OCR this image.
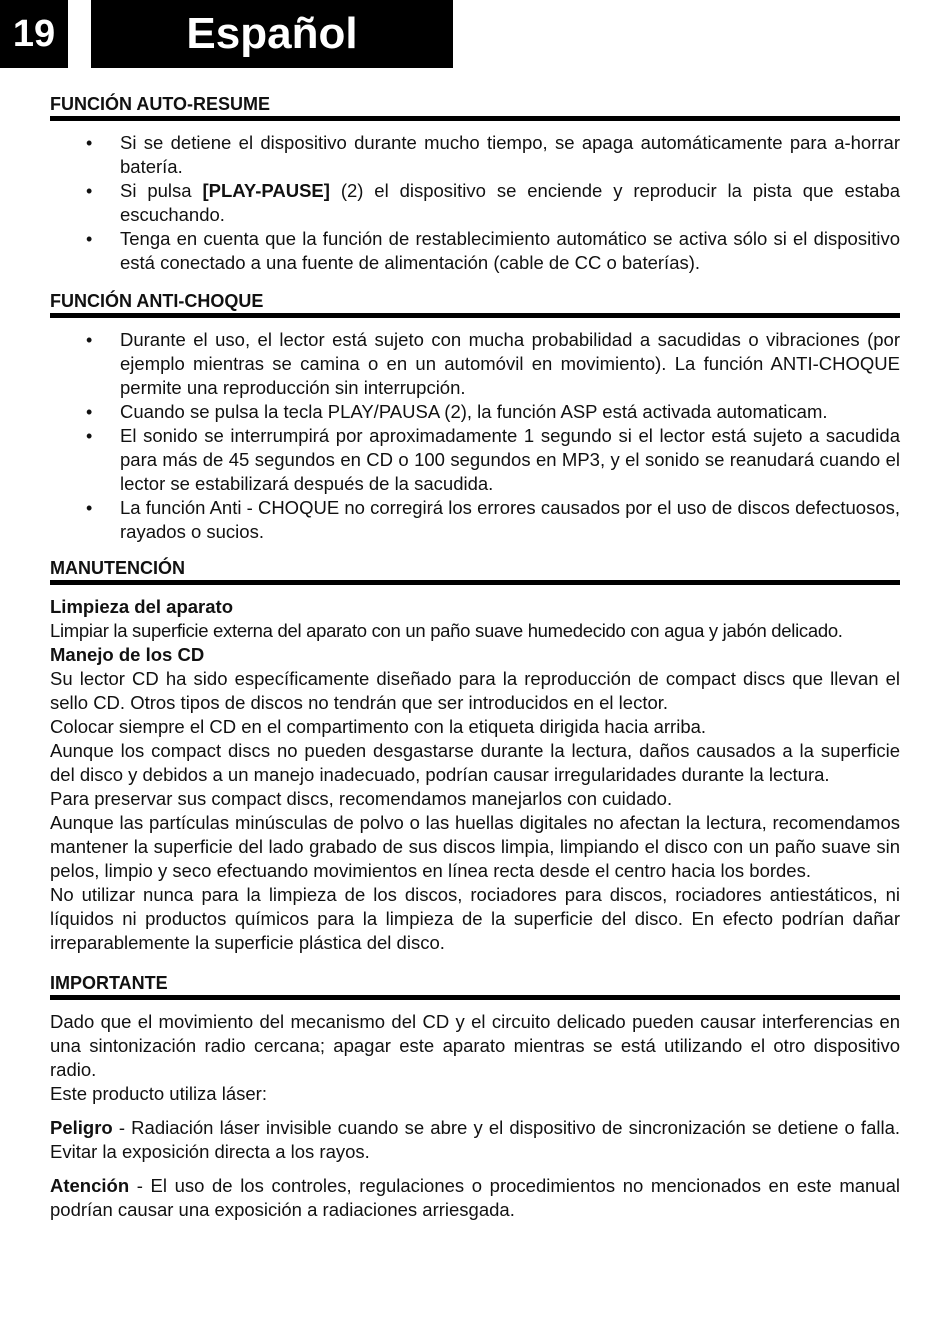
19	Español
FUNCIÓN AUTO-RESUME
• Si se detiene el dispositivo durante mucho tiempo, se apaga automáticamente para a-horrar batería.
• Si pulsa [PLAY-PAUSE] (2) el dispositivo se enciende y reproducir la pista que estaba escuchando.
• Tenga en cuenta que la función de restablecimiento automático se activa sólo si el dispositivo está conectado a una fuente de alimentación (cable de CC o baterías).
FUNCIÓN ANTI-CHOQUE
• Durante el uso, el lector está sujeto con mucha probabilidad a sacudidas o vibraciones (por ejemplo mientras se camina o en un automóvil en movimiento). La función ANTI-CHOQUE permite una reproducción sin interrupción.
• Cuando se pulsa la tecla PLAY/PAUSA (2), la función ASP está activada automaticam.
• El sonido se interrumpirá por aproximadamente 1 segundo si el lector está sujeto a sacudida para más de 45 segundos en CD o 100 segundos en MP3, y el sonido se reanudará cuando el lector se estabilizará después de la sacudida.
• La función Anti - CHOQUE no corregirá los errores causados por el uso de discos defectuosos, rayados o sucios.
MANUTENCIÓN
Limpieza del aparato

Limpiar la superficie externa del aparato con un paño suave humedecido con agua y jabón delicado.

Manejo de los CD

Su lector CD ha sido específicamente diseñado para la reproducción de compact discs que llevan el sello CD. Otros tipos de discos no tendrán que ser introducidos en el lector.

Colocar siempre el CD en el compartimento con la etiqueta dirigida hacia arriba.

Aunque los compact discs no pueden desgastarse durante la lectura, daños causados a la superficie del disco y debidos a un manejo inadecuado, podrían causar irregularidades durante la lectura.

Para preservar sus compact discs, recomendamos manejarlos con cuidado.

Aunque las partículas minúsculas de polvo o las huellas digitales no afectan la lectura, recomendamos mantener la superficie del lado grabado de sus discos limpia, limpiando el disco con un paño suave sin pelos, limpio y seco efectuando movimientos en línea recta desde el centro hacia los bordes.

No utilizar nunca para la limpieza de los discos, rociadores para discos, rociadores antiestáticos, ni líquidos ni productos químicos para la limpieza de la superficie del disco. En efecto podrían dañar irreparablemente la superficie plástica del disco.

IMPORTANTE

Dado que el movimiento del mecanismo del CD y el circuito delicado pueden causar interferencias en una sintonización radio cercana; apagar este aparato mientras se está utilizando el otro dispositivo radio.

Este producto utiliza láser:

Peligro - Radiación láser invisible cuando se abre y el dispositivo de sincronización se detiene o falla. Evitar la exposición directa a los rayos.

Atención - El uso de los controles, regulaciones o procedimientos no mencionados en este manual podrían causar una exposición a radiaciones arriesgada.
